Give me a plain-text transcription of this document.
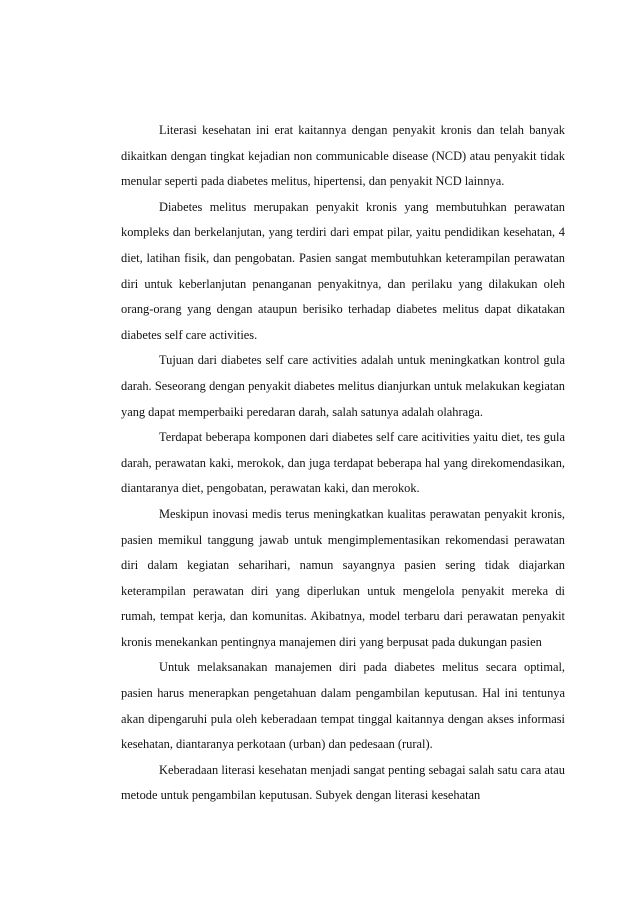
Literasi kesehatan ini erat kaitannya dengan penyakit kronis dan telah banyak dikaitkan dengan tingkat kejadian non communicable disease (NCD) atau penyakit tidak menular seperti pada diabetes melitus, hipertensi, dan penyakit NCD lainnya.

Diabetes melitus merupakan penyakit kronis yang membutuhkan perawatan kompleks dan berkelanjutan, yang terdiri dari empat pilar, yaitu pendidikan kesehatan, 4 diet, latihan fisik, dan pengobatan. Pasien sangat membutuhkan keterampilan perawatan diri untuk keberlanjutan penanganan penyakitnya, dan perilaku yang dilakukan oleh orang-orang yang dengan ataupun berisiko terhadap diabetes melitus dapat dikatakan diabetes self care activities.

Tujuan dari diabetes self care activities adalah untuk meningkatkan kontrol gula darah. Seseorang dengan penyakit diabetes melitus dianjurkan untuk melakukan kegiatan yang dapat memperbaiki peredaran darah, salah satunya adalah olahraga.

Terdapat beberapa komponen dari diabetes self care acitivities yaitu diet, tes gula darah, perawatan kaki, merokok, dan juga terdapat beberapa hal yang direkomendasikan, diantaranya diet, pengobatan, perawatan kaki, dan merokok.

Meskipun inovasi medis terus meningkatkan kualitas perawatan penyakit kronis, pasien memikul tanggung jawab untuk mengimplementasikan rekomendasi perawatan diri dalam kegiatan seharihari, namun sayangnya pasien sering tidak diajarkan keterampilan perawatan diri yang diperlukan untuk mengelola penyakit mereka di rumah, tempat kerja, dan komunitas. Akibatnya, model terbaru dari perawatan penyakit kronis menekankan pentingnya manajemen diri yang berpusat pada dukungan pasien

Untuk melaksanakan manajemen diri pada diabetes melitus secara optimal, pasien harus menerapkan pengetahuan dalam pengambilan keputusan. Hal ini tentunya akan dipengaruhi pula oleh keberadaan tempat tinggal kaitannya dengan akses informasi kesehatan, diantaranya perkotaan (urban) dan pedesaan (rural).

Keberadaan literasi kesehatan menjadi sangat penting sebagai salah satu cara atau metode untuk pengambilan keputusan. Subyek dengan literasi kesehatan
